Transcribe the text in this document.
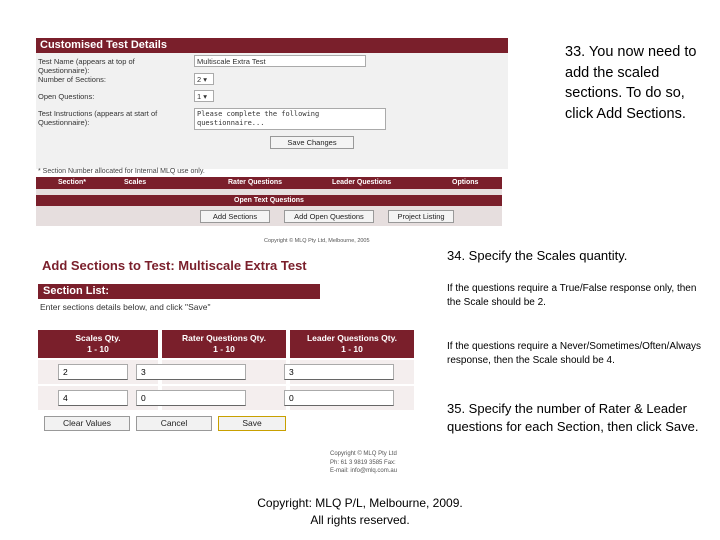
Customised Test Details
Test Name (appears at top of Questionnaire):
Multiscale Extra Test
Number of Sections:	2 ▾
Open Questions:	1 ▾
Test Instructions (appears at start of Questionnaire):
Please complete the following questionnaire...
Save Changes
* Section Number allocated for Internal MLQ use only.
Section*	Scales	Rater Questions	Leader Questions	Options
Open Text Questions
Add Sections	Add Open Questions	Project Listing
Copyright © MLQ Pty Ltd, Melbourne, 2005
33. You now need to add the scaled sections. To do so, click Add Sections.
34. Specify the Scales quantity.
If the questions require a True/False response only, then the Scale should be 2.
If the questions require a Never/Sometimes/Often/Always response, then the Scale should be 4.
35. Specify the number of Rater & Leader questions for each Section, then click Save.
Add Sections to Test: Multiscale Extra Test
Section List:
Enter sections details below, and click "Save"
Scales Qty.
1 - 10
Rater Questions Qty.
1 - 10
Leader Questions Qty.
1 - 10
2	3	3
4	0	0
Clear Values	Cancel	Save
Copyright © MLQ Pty Ltd
Ph: 61 3 9819 3585 Fax:
E-mail: info@mlq.com.au
Copyright: MLQ P/L, Melbourne, 2009. All rights reserved.
